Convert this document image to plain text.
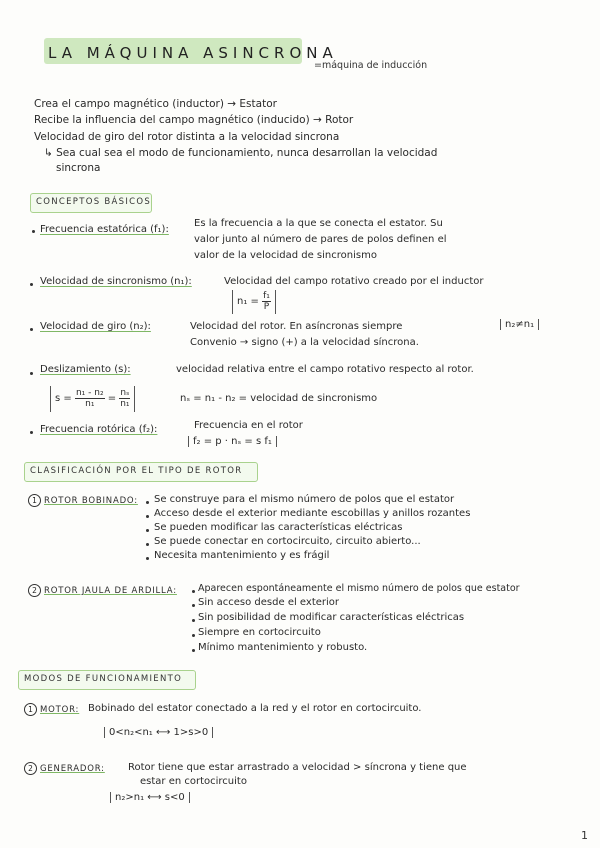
LA MÁQUINA ASINCRONA
=máquina de inducción
Crea el campo magnético (inductor) → Estator
Recibe la influencia del campo magnético (inducido) → Rotor
Velocidad de giro del rotor distinta a la velocidad sincrona
↳ Sea cual sea el modo de funcionamiento, nunca desarrollan la velocidad
sincrona
CONCEPTOS BÁSICOS
Frecuencia estatórica (f₁):
Es la frecuencia a la que se conecta el estator. Su
valor junto al número de pares de polos definen el
valor de la velocidad de sincronismo
Velocidad de sincronismo (n₁):	Velocidad del campo rotativo creado por el inductor
$n_1 = \frac{\text{f₁}}{P}$
Velocidad de giro (n₂):	Velocidad del rotor. En asíncronas siempre	n₂≠n₁
Convenio → signo (+) a la velocidad síncrona.
Deslizamiento (s):	velocidad relativa entre el campo rotativo respecto al rotor.
$s = \frac{\text{n₁ - n₂}}{\text{n₁}} = \frac{\text{nₛ}}{\text{n₁}}$	nₛ = n₁ - n₂ = velocidad de sincronismo
Frecuencia rotórica (f₂):	Frecuencia en el rotor
f₂ = p · nₛ = s f₁
CLASIFICACIÓN POR EL TIPO DE ROTOR
1 ROTOR BOBINADO: Se construye para el mismo número de polos que el estator
Acceso desde el exterior mediante escobillas y anillos rozantes
Se pueden modificar las características eléctricas
Se puede conectar en cortocircuito, circuito abierto...
Necesita mantenimiento y es frágil
2 ROTOR JAULA DE ARDILLA: Aparecen espontáneamente el mismo número de polos que estator
Sin acceso desde el exterior
Sin posibilidad de modificar características eléctricas
Siempre en cortocircuito
Mínimo mantenimiento y robusto.
MODOS DE FUNCIONAMIENTO
1 MOTOR: Bobinado del estator conectado a la red y el rotor en cortocircuito.
0<n₂<n₁ ⟷ 1>s>0
2 GENERADOR: Rotor tiene que estar arrastrado a velocidad > síncrona y tiene que
estar en cortocircuito
n₂>n₁ ⟷ s<0
1
